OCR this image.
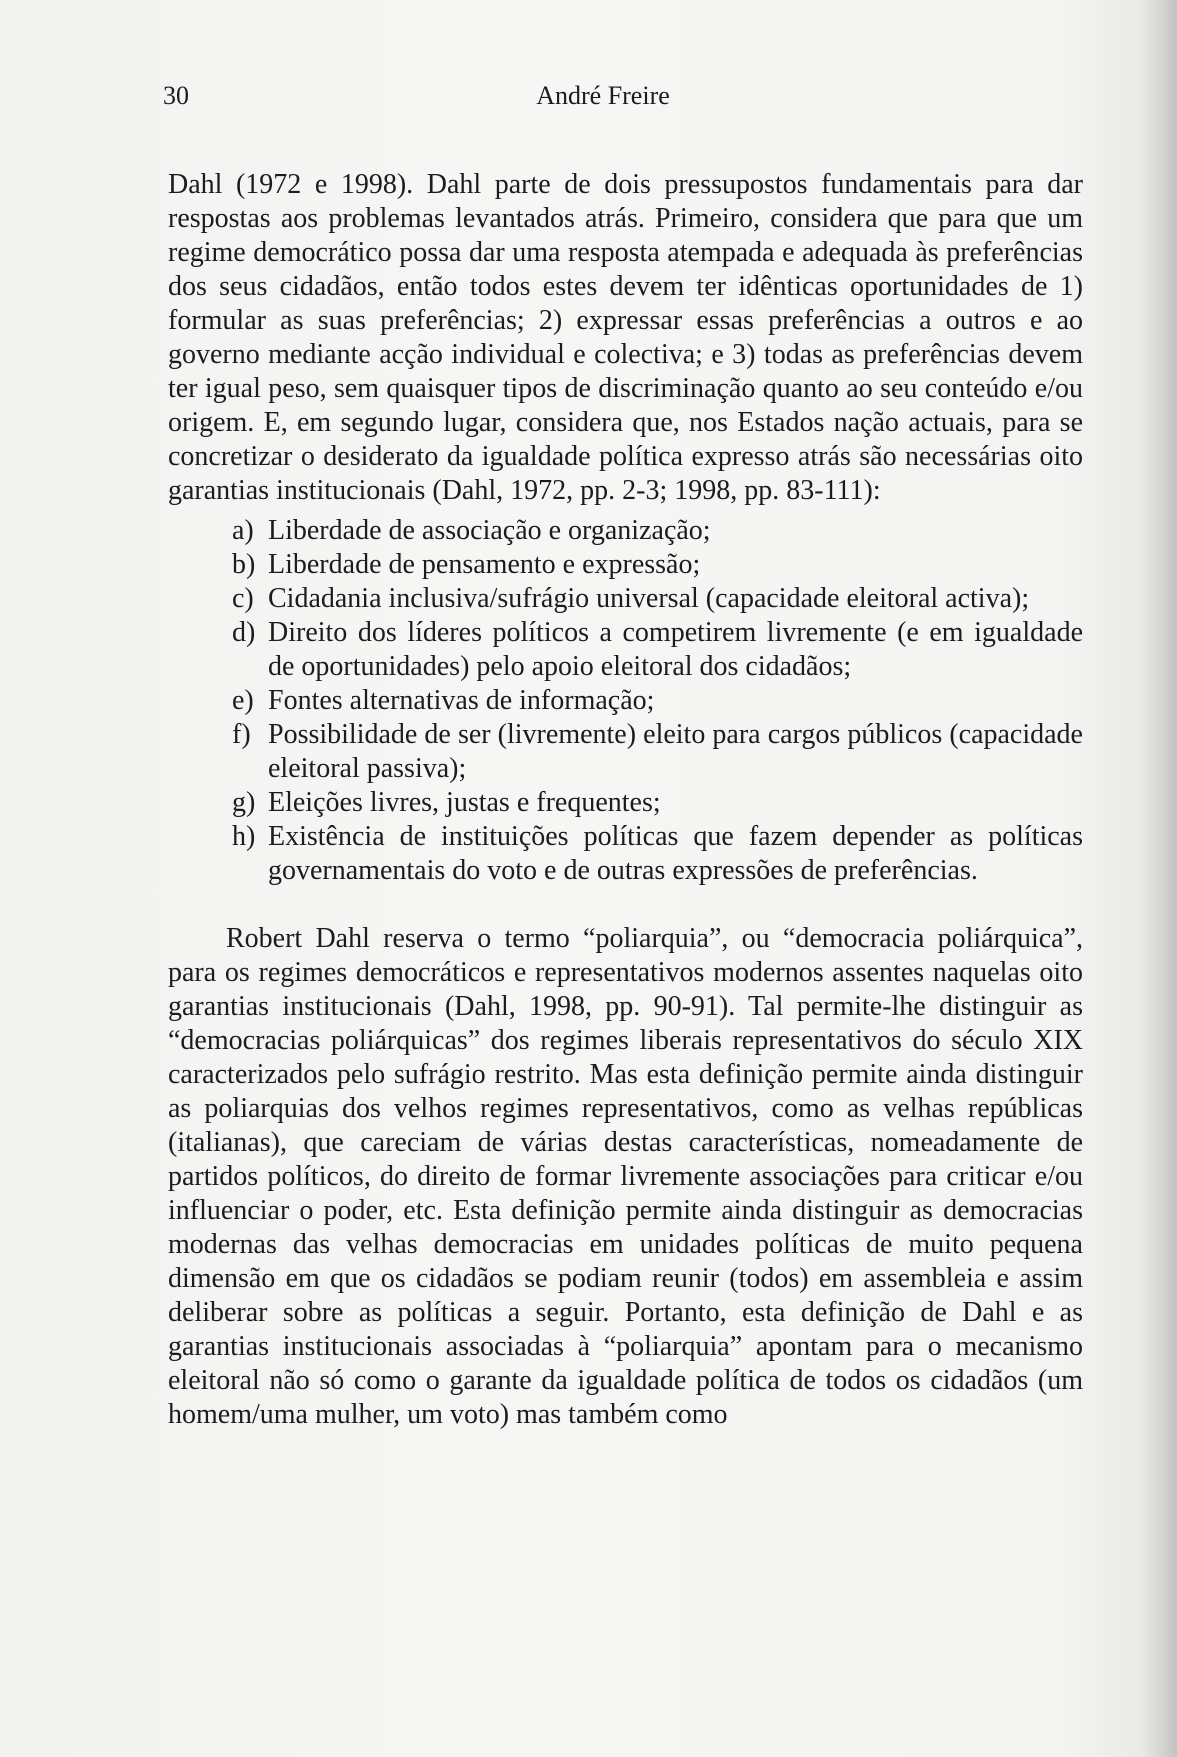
30	André Freire

Dahl (1972 e 1998). Dahl parte de dois pressupostos fundamentais para dar respostas aos problemas levantados atrás. Primeiro, considera que para que um regime democrático possa dar uma resposta atempada e adequada às preferências dos seus cidadãos, então todos estes devem ter idênticas oportunidades de 1) formular as suas preferências; 2) expressar essas preferências a outros e ao governo mediante acção individual e colectiva; e 3) todas as preferências devem ter igual peso, sem quaisquer tipos de discriminação quanto ao seu conteúdo e/ou origem. E, em segundo lugar, considera que, nos Estados nação actuais, para se concretizar o desiderato da igualdade política expresso atrás são necessárias oito garantias institucionais (Dahl, 1972, pp. 2-3; 1998, pp. 83-111):

a) Liberdade de associação e organização;
b) Liberdade de pensamento e expressão;
c) Cidadania inclusiva/sufrágio universal (capacidade eleitoral activa);
d) Direito dos líderes políticos a competirem livremente (e em igualdade de oportunidades) pelo apoio eleitoral dos cidadãos;
e) Fontes alternativas de informação;
f) Possibilidade de ser (livremente) eleito para cargos públicos (capacidade eleitoral passiva);
g) Eleições livres, justas e frequentes;
h) Existência de instituições políticas que fazem depender as políticas governamentais do voto e de outras expressões de preferências.

Robert Dahl reserva o termo “poliarquia”, ou “democracia poliárquica”, para os regimes democráticos e representativos modernos assentes naquelas oito garantias institucionais (Dahl, 1998, pp. 90-91). Tal permite-lhe distinguir as “democracias poliárquicas” dos regimes liberais representativos do século XIX caracterizados pelo sufrágio restrito. Mas esta definição permite ainda distinguir as poliarquias dos velhos regimes representativos, como as velhas repúblicas (italianas), que careciam de várias destas características, nomeadamente de partidos políticos, do direito de formar livremente associações para criticar e/ou influenciar o poder, etc. Esta definição permite ainda distinguir as democracias modernas das velhas democracias em unidades políticas de muito pequena dimensão em que os cidadãos se podiam reunir (todos) em assembleia e assim deliberar sobre as políticas a seguir. Portanto, esta definição de Dahl e as garantias institucionais associadas à “poliarquia” apontam para o mecanismo eleitoral não só como o garante da igualdade política de todos os cidadãos (um homem/uma mulher, um voto) mas também como
